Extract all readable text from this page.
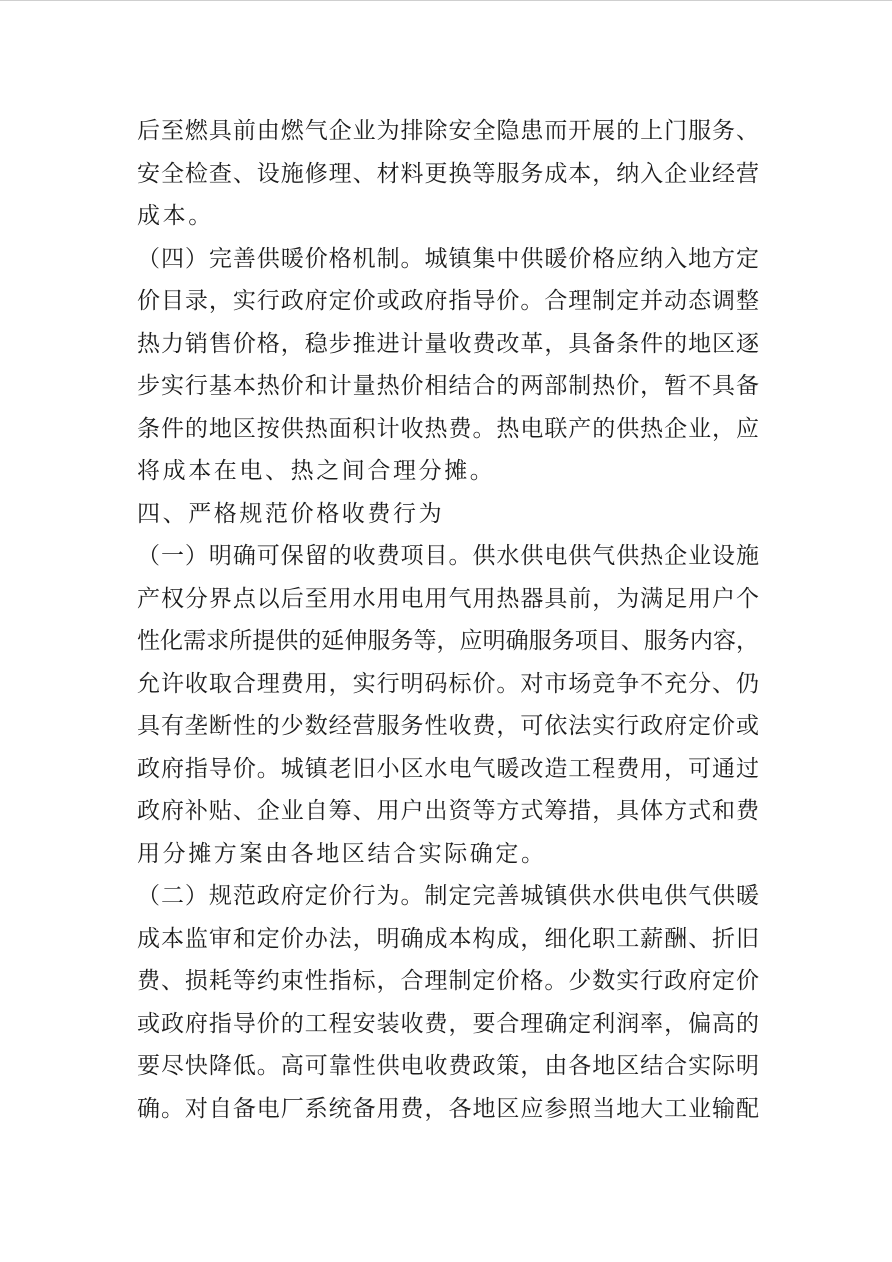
后至燃具前由燃气企业为排除安全隐患而开展的上门服务、
安全检查、设施修理、材料更换等服务成本，纳入企业经营
成本。
（四）完善供暖价格机制。城镇集中供暖价格应纳入地方定
价目录，实行政府定价或政府指导价。合理制定并动态调整
热力销售价格，稳步推进计量收费改革，具备条件的地区逐
步实行基本热价和计量热价相结合的两部制热价，暂不具备
条件的地区按供热面积计收热费。热电联产的供热企业，应
将成本在电、热之间合理分摊。
四、严格规范价格收费行为
（一）明确可保留的收费项目。供水供电供气供热企业设施
产权分界点以后至用水用电用气用热器具前，为满足用户个
性化需求所提供的延伸服务等，应明确服务项目、服务内容，
允许收取合理费用，实行明码标价。对市场竞争不充分、仍
具有垄断性的少数经营服务性收费，可依法实行政府定价或
政府指导价。城镇老旧小区水电气暖改造工程费用，可通过
政府补贴、企业自筹、用户出资等方式筹措，具体方式和费
用分摊方案由各地区结合实际确定。
（二）规范政府定价行为。制定完善城镇供水供电供气供暖
成本监审和定价办法，明确成本构成，细化职工薪酬、折旧
费、损耗等约束性指标，合理制定价格。少数实行政府定价
或政府指导价的工程安装收费，要合理确定利润率，偏高的
要尽快降低。高可靠性供电收费政策，由各地区结合实际明
确。对自备电厂系统备用费，各地区应参照当地大工业输配
